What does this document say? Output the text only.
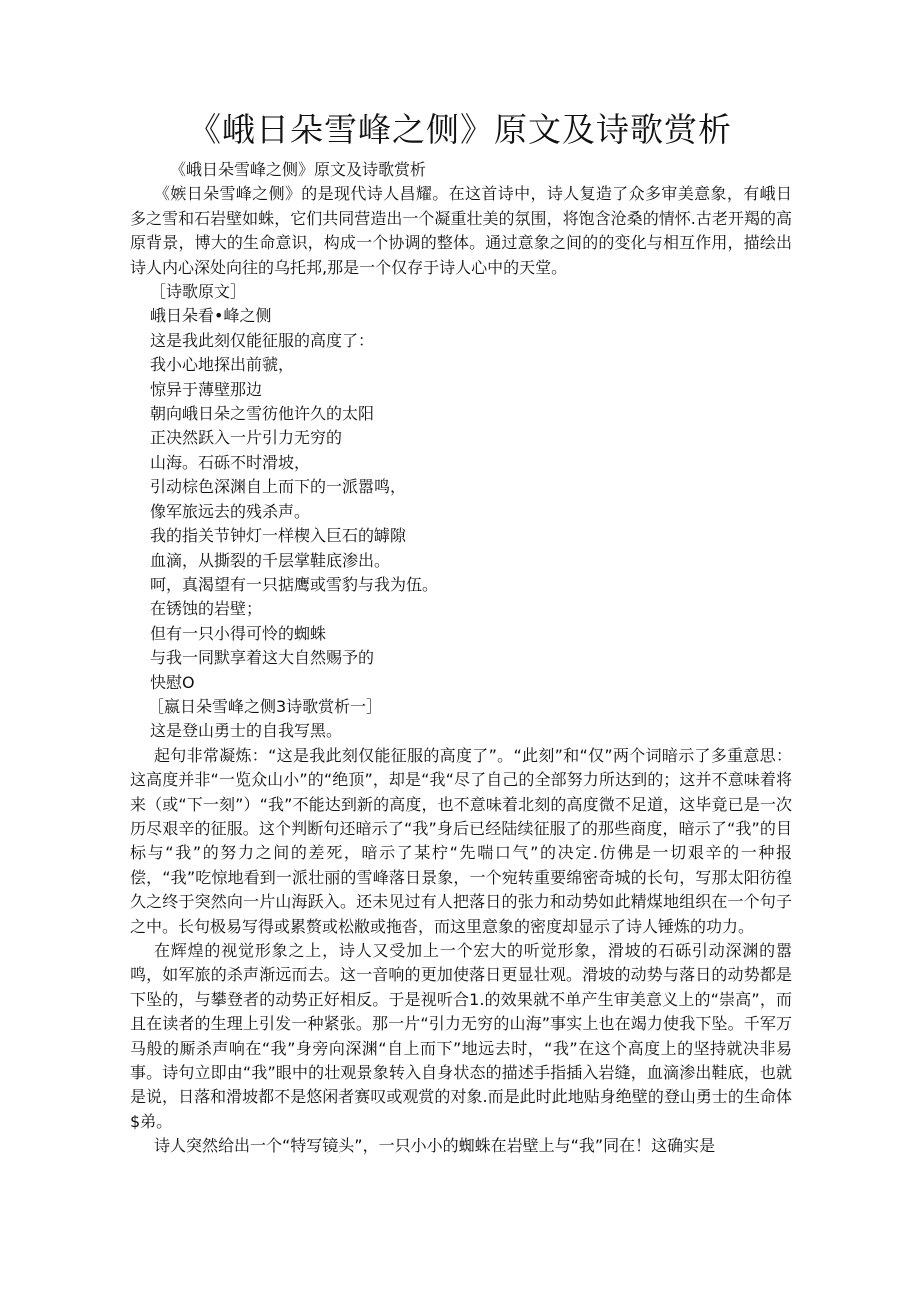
《峨日朵雪峰之侧》原文及诗歌赏析
《峨日朵雪峰之侧》原文及诗歌赏析

《嫉日朵雪峰之侧》的是现代诗人昌耀。在这首诗中，诗人复造了众多审美意象，有峨日多之雪和石岩壁如蛛，它们共同营造出一个凝重壮美的氛围，将饱含沧桑的情怀.古老开羯的高原背景，博大的生命意识，构成一个协调的整体。通过意象之间的的变化与相互作用，描绘出诗人内心深处向往的乌托邦,那是一个仅存于诗人心中的天堂。

［诗歌原文］
峨日朵看•峰之侧
这是我此刻仅能征服的高度了：
我小心地探出前虢，
惊异于薄壁那边
朝向峨日朵之雪彷他许久的太阳
正决然跃入一片引力无穷的
山海。石砾不时滑坡，
引动棕色深渊自上而下的一派嚣鸣，
像军旅远去的残杀声。
我的指关节钟灯一样楔入巨石的罅隙
血滴，从撕裂的千层掌鞋底渗出。
呵，真渴望有一只掂鹰或雪豹与我为伍。
在锈蚀的岩壁；
但有一只小得可怜的蜘蛛
与我一同默享着这大自然赐予的
快慰O
［嬴日朵雪峰之侧3诗歌赏析一］
这是登山勇士的自我写黑。

起句非常凝炼：“这是我此刻仅能征服的高度了”。“此刻”和“仅”两个词暗示了多重意思：这高度并非“一览众山小”的“绝顶”，却是“我“尽了自己的全部努力所达到的；这并不意味着将来（或“下一刻”）“我”不能达到新的高度，也不意味着北刻的高度微不足道，这毕竟已是一次历尽艰辛的征服。这个判断句还暗示了“我”身后已经陆续征服了的那些商度，暗示了“我”的目标与“我”的努力之间的差死，暗示了某柠“先喘口气”的决定.仿佛是一切艰辛的一种报偿，“我”吃惊地看到一派壮丽的雪峰落日景象，一个宛转重要绵密奇城的长句，写那太阳彷徨久之终于突然向一片山海跃入。还未见过有人把落日的张力和动势如此精煤地组织在一个句子之中。长句极易写得或累赘或松敝或拖沓，而这里意象的密度却显示了诗人锤炼的功力。

在辉煌的视觉形象之上，诗人又受加上一个宏大的听觉形象，滑坡的石砾引动深渊的嚣鸣，如军旅的杀声渐远而去。这一音响的更加使落日更显壮观。滑坡的动势与落日的动势都是下坠的，与攀登者的动势正好相反。于是视听合1.的效果就不单产生审美意义上的“崇高”，而且在读者的生理上引发一种紧张。那一片“引力无穷的山海”事实上也在竭力使我下坠。千军万马般的厮杀声响在“我”身旁向深渊“自上而下”地远去时，“我”在这个高度上的坚持就决非易事。诗句立即由“我”眼中的壮观景象转入自身状态的描述手指插入岩缝，血滴渗出鞋底，也就是说，日落和滑坡都不是悠闲者赛叹或观赏的对象.而是此时此地贴身绝壁的登山勇士的生命体$弟。

诗人突然给出一个“特写镜头”，一只小小的蜘蛛在岩壁上与“我”同在！这确实是
